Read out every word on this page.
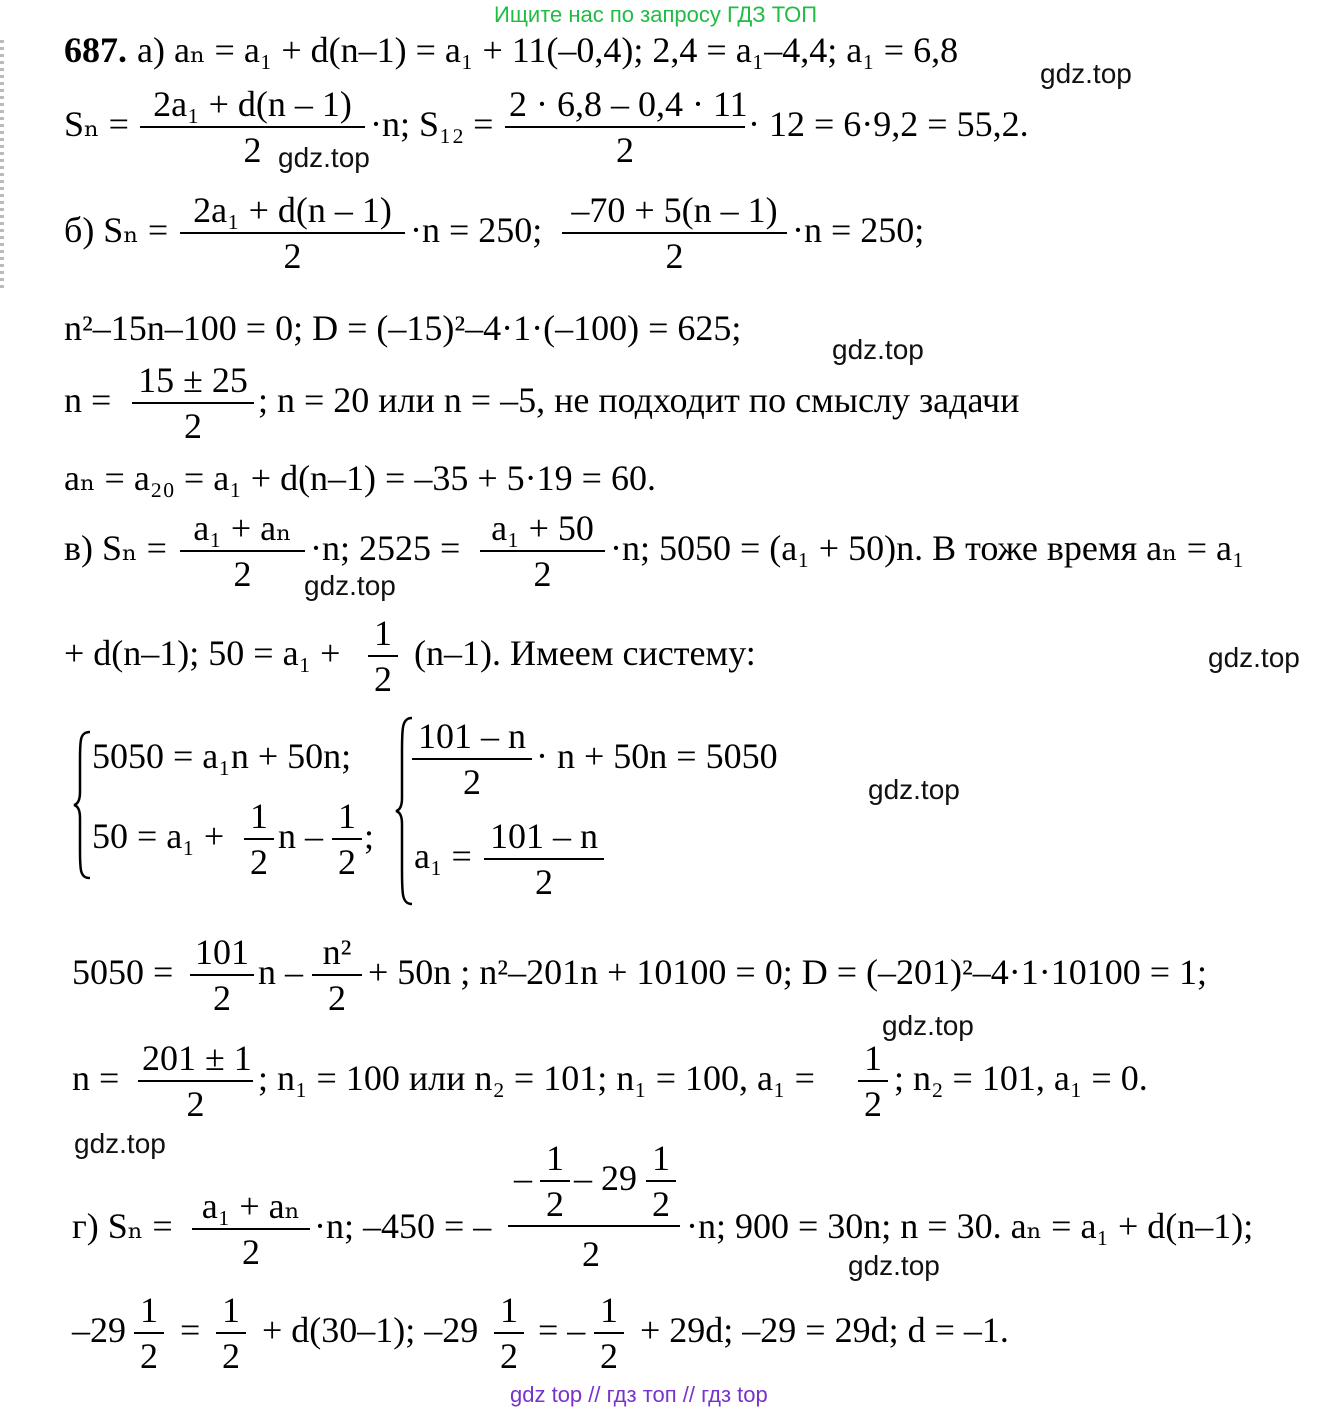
Ищите нас по запросу ГДЗ ТОП
687. а) aₙ = a₁ + d(n–1) = a₁ + 11(–0,4); 2,4 = a₁–4,4; a₁ = 6,8
Sₙ = 2a₁ + d(n – 1)
2
·n; S₁₂ = 2 · 6,8 – 0,4 · 11
2
· 12 = 6·9,2 = 55,2.
б) Sₙ = 2a₁ + d(n – 1)
2
·n = 250; –70 + 5(n – 1)
2
·n = 250;
n²–15n–100 = 0; D = (–15)²–4·1·(–100) = 625;
n = 15 ± 25
2
; n = 20 или n = –5, не подходит по смыслу задачи
aₙ = a₂₀ = a₁ + d(n–1) = –35 + 5·19 = 60.
в) Sₙ = a₁ + aₙ
2
·n; 2525 = a₁ + 50
2
·n; 5050 = (a₁ + 50)n. В тоже время aₙ = a₁
+ d(n–1); 50 = a₁ + 1
2
(n–1). Имеем систему:
5050 = a₁n + 50n;
50 = a₁ + 1
2
n – 1
2
;
101 – n
2
· n + 50n = 5050
a₁ = 101 – n
2
5050 = 101
2
n – n²
2
+ 50n ; n²–201n + 10100 = 0; D = (–201)²–4·1·10100 = 1;
n = 201 ± 1
2
; n₁ = 100 или n₂ = 101; n₁ = 100, a₁ = 1
2
; n₂ = 101, a₁ = 0.
г) Sₙ = a₁ + aₙ
2
·n; –450 = –
– 1
2
– 29 1
2
2
·n; 900 = 30n; n = 30. aₙ = a₁ + d(n–1);
–29 1
2
= 1
2
+ d(30–1); –29 1
2
= – 1
2
+ 29d; –29 = 29d; d = –1.
gdz.top
gdz.top
gdz.top
gdz.top
gdz.top
gdz.top
gdz.top
gdz.top
gdz.top
gdz top // гдз топ // гдз top
